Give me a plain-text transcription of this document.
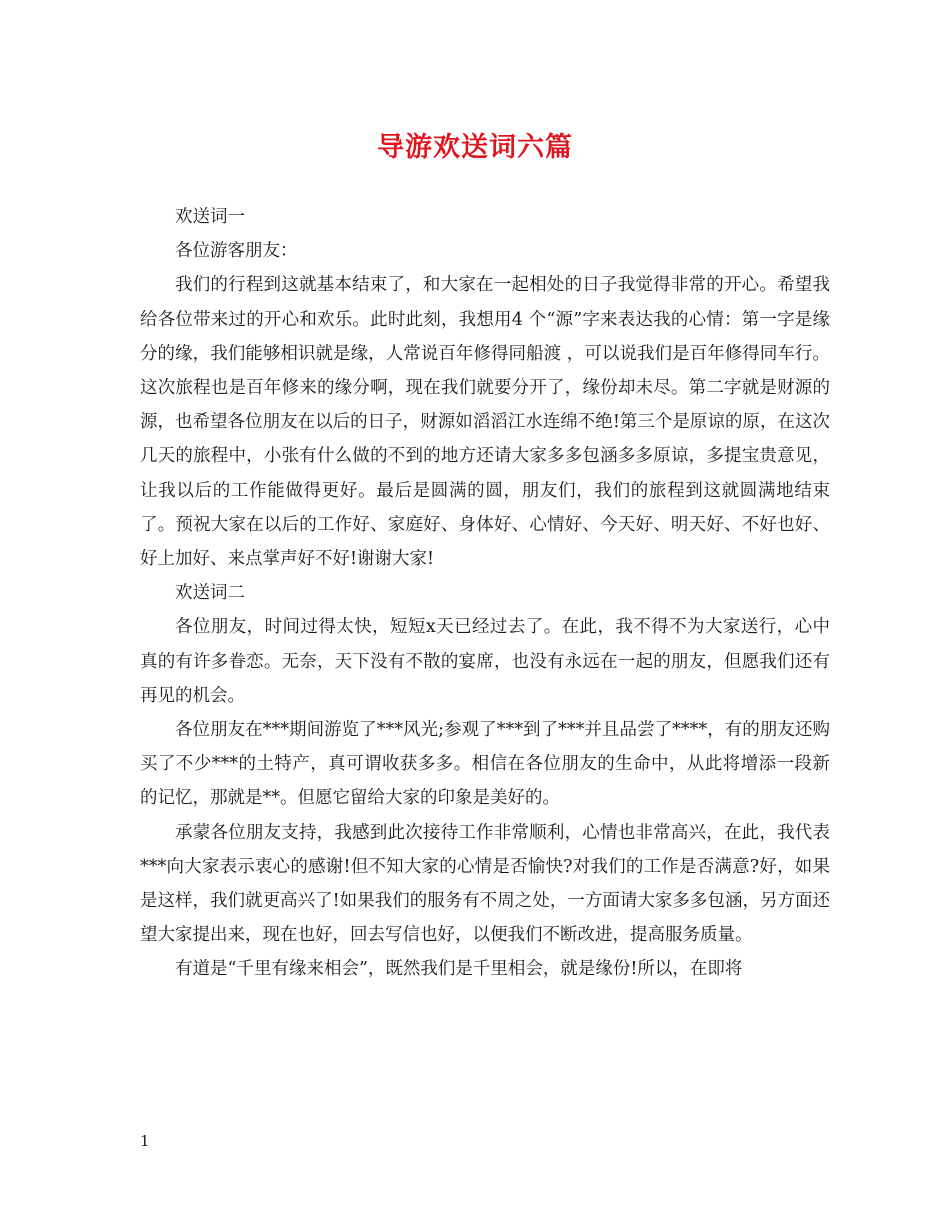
导游欢送词六篇

欢送词一

各位游客朋友：

我们的行程到这就基本结束了，和大家在一起相处的日子我觉得非常的开心。希望我给各位带来过的开心和欢乐。此时此刻，我想用4 个“源”字来表达我的心情：第一字是缘分的缘，我们能够相识就是缘，人常说百年修得同船渡 ，可以说我们是百年修得同车行。这次旅程也是百年修来的缘分啊，现在我们就要分开了，缘份却未尽。第二字就是财源的源，也希望各位朋友在以后的日子，财源如滔滔江水连绵不绝!第三个是原谅的原，在这次几天的旅程中，小张有什么做的不到的地方还请大家多多包涵多多原谅，多提宝贵意见，让我以后的工作能做得更好。最后是圆满的圆，朋友们，我们的旅程到这就圆满地结束了。预祝大家在以后的工作好、家庭好、身体好、心情好、今天好、明天好、不好也好、好上加好、来点掌声好不好!谢谢大家!

欢送词二

各位朋友，时间过得太快，短短x天已经过去了。在此，我不得不为大家送行，心中真的有许多眷恋。无奈，天下没有不散的宴席，也没有永远在一起的朋友，但愿我们还有再见的机会。

各位朋友在***期间游览了***风光;参观了***到了***并且品尝了****，有的朋友还购买了不少***的土特产，真可谓收获多多。相信在各位朋友的生命中，从此将增添一段新的记忆，那就是**。但愿它留给大家的印象是美好的。

承蒙各位朋友支持，我感到此次接待工作非常顺利，心情也非常高兴，在此，我代表***向大家表示衷心的感谢!但不知大家的心情是否愉快?对我们的工作是否满意?好，如果是这样，我们就更高兴了!如果我们的服务有不周之处，一方面请大家多多包涵，另方面还望大家提出来，现在也好，回去写信也好，以便我们不断改进，提高服务质量。

有道是“千里有缘来相会”，既然我们是千里相会，就是缘份!所以，在即将

1
